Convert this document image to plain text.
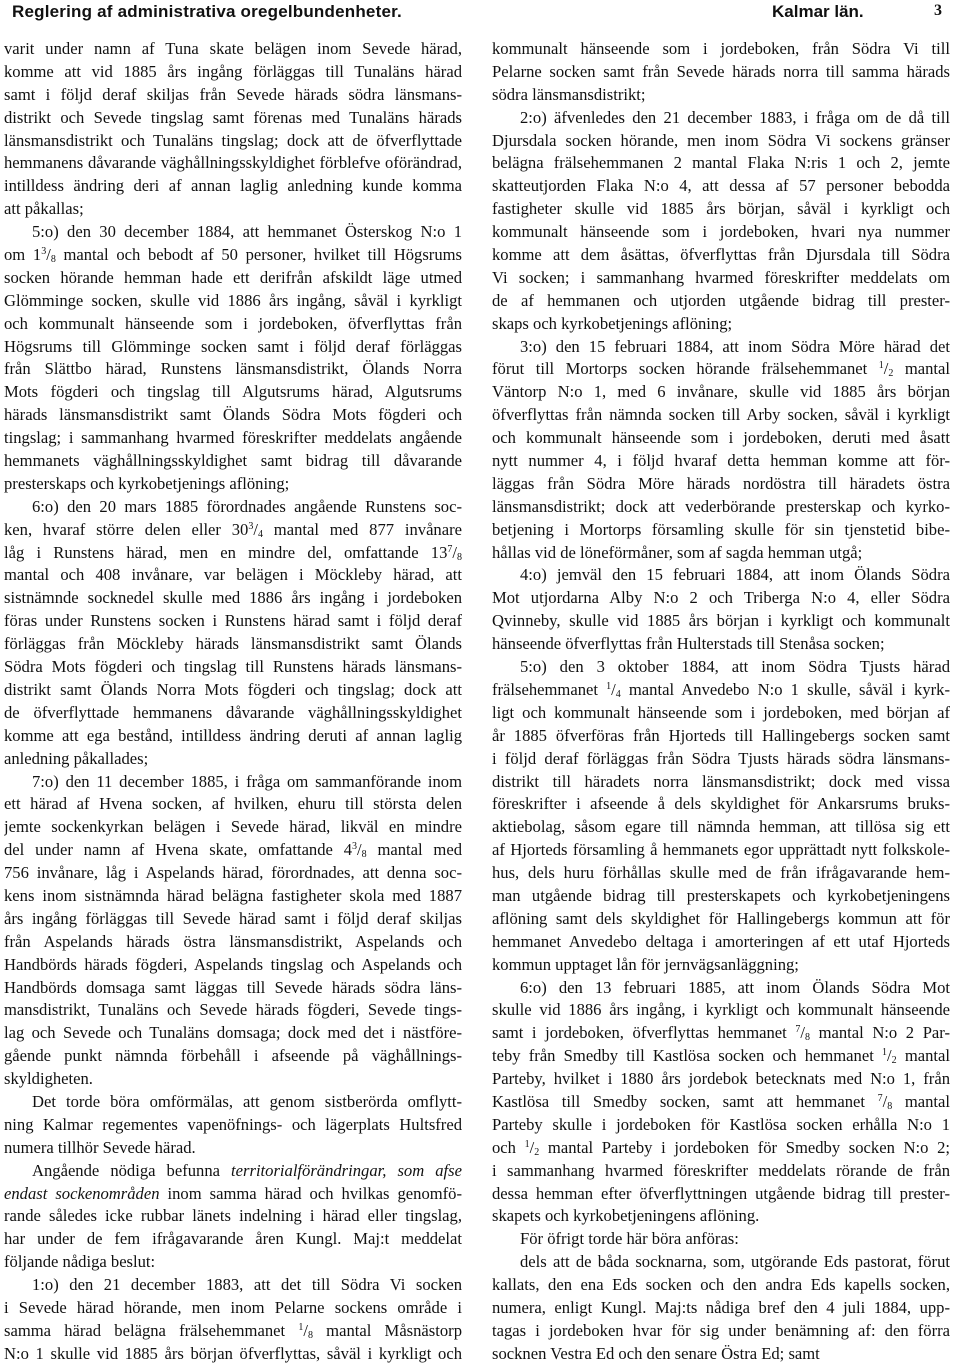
Reglering af administrativa oregelbundenheter.	Kalmar län.	3
varit under namn af Tuna skate belägen inom Sevede härad,
komme att vid 1885 års ingång förläggas till Tunaläns härad
samt i följd deraf skiljas från Sevede härads södra länsmans-
distrikt och Sevede tingslag samt förenas med Tunaläns härads
länsmansdistrikt och Tunaläns tingslag; dock att de öfverflyttade
hemmanens dåvarande väghållningsskyldighet förblefve oförändrad,
intilldess ändring deri af annan laglig anledning kunde komma
att påkallas;
5:o) den 30 december 1884, att hemmanet Österskog N:o 1
om $1^3/_8$ mantal och bebodt af 50 personer, hvilket till Högsrums
socken hörande hemman hade ett derifrån afskildt läge utmed
Glömminge socken, skulle vid 1886 års ingång, såväl i kyrkligt
och kommunalt hänseende som i jordeboken, öfverflyttas från
Högsrums till Glömminge socken samt i följd deraf förläggas
från Slättbo härad, Runstens länsmansdistrikt, Ölands Norra
Mots fögderi och tingslag till Algutsrums härad, Algutsrums
härads länsmansdistrikt samt Ölands Södra Mots fögderi och
tingslag; i sammanhang hvarmed föreskrifter meddelats angående
hemmanets väghållningsskyldighet samt bidrag till dåvarande
presterskaps och kyrkobetjenings aflöning;
6:o) den 20 mars 1885 förordnades angående Runstens soc-
ken, hvaraf större delen eller $30^3/_4$ mantal med 877 invånare
låg i Runstens härad, men en mindre del, omfattande $13^7/_8$
mantal och 408 invånare, var belägen i Möckleby härad, att
sistnämnde socknedel skulle med 1886 års ingång i jordeboken
föras under Runstens socken i Runstens härad samt i följd deraf
förläggas från Möckleby härads länsmansdistrikt samt Ölands
Södra Mots fögderi och tingslag till Runstens härads länsmans-
distrikt samt Ölands Norra Mots fögderi och tingslag; dock att
de öfverflyttade hemmanens dåvarande väghållningsskyldighet
komme att ega bestånd, intilldess ändring deruti af annan laglig
anledning påkallades;
7:o) den 11 december 1885, i fråga om sammanförande inom
ett härad af Hvena socken, af hvilken, ehuru till största delen
jemte sockenkyrkan belägen i Sevede härad, likväl en mindre
del under namn af Hvena skate, omfattande $4^3/_8$ mantal med
756 invånare, låg i Aspelands härad, förordnades, att denna soc-
kens inom sistnämnda härad belägna fastigheter skola med 1887
års ingång förläggas till Sevede härad samt i följd deraf skiljas
från Aspelands härads östra länsmansdistrikt, Aspelands och
Handbörds härads fögderi, Aspelands tingslag och Aspelands och
Handbörds domsaga samt läggas till Sevede härads södra läns-
mansdistrikt, Tunaläns och Sevede härads fögderi, Sevede tings-
lag och Sevede och Tunaläns domsaga; dock med det i nästföre-
gående punkt nämnda förbehåll i afseende på väghållnings-
skyldigheten.
Det torde böra omförmälas, att genom sistberörda omflytt-
ning Kalmar regementes vapenöfnings- och lägerplats Hultsfred
numera tillhör Sevede härad.
Angående nödiga befunna territorialförändringar, som afse
endast sockenområden inom samma härad och hvilkas genomfö-
rande således icke rubbar länets indelning i härad eller tingslag,
har under de fem ifrågavarande åren Kungl. Maj:t meddelat
följande nådiga beslut:
1:o) den 21 december 1883, att det till Södra Vi socken
i Sevede härad hörande, men inom Pelarne sockens område i
samma härad belägna frälsehemmanet $^1/_8$ mantal Måsnästorp
N:o 1 skulle vid 1885 års början öfverflyttas, såväl i kyrkligt och
kommunalt hänseende som i jordeboken, från Södra Vi till
Pelarne socken samt från Sevede härads norra till samma härads
södra länsmansdistrikt;
2:o) äfvenledes den 21 december 1883, i fråga om de då till
Djursdala socken hörande, men inom Södra Vi sockens gränser
belägna frälsehemmanen 2 mantal Flaka N:ris 1 och 2, jemte
skatteutjorden Flaka N:o 4, att dessa af 57 personer bebodda
fastigheter skulle vid 1885 års början, såväl i kyrkligt och
kommunalt hänseende som i jordeboken, hvari nya nummer
komme att dem åsättas, öfverflyttas från Djursdala till Södra
Vi socken; i sammanhang hvarmed föreskrifter meddelats om
de af hemmanen och utjorden utgående bidrag till prester-
skaps och kyrkobetjenings aflöning;
3:o) den 15 februari 1884, att inom Södra Möre härad det
förut till Mortorps socken hörande frälsehemmanet $^1/_2$ mantal
Väntorp N:o 1, med 6 invånare, skulle vid 1885 års början
öfverflyttas från nämnda socken till Arby socken, såväl i kyrkligt
och kommunalt hänseende som i jordeboken, deruti med åsatt
nytt nummer 4, i följd hvaraf detta hemman komme att för-
läggas från Södra Möre härads nordöstra till häradets östra
länsmansdistrikt; dock att vederbörande presterskap och kyrko-
betjening i Mortorps församling skulle för sin tjenstetid bibe-
hållas vid de löneförmåner, som af sagda hemman utgå;
4:o) jemväl den 15 februari 1884, att inom Ölands Södra
Mot utjordarna Alby N:o 2 och Triberga N:o 4, eller Södra
Qvinneby, skulle vid 1885 års början i kyrkligt och kommunalt
hänseende öfverflyttas från Hulterstads till Stenåsa socken;
5:o) den 3 oktober 1884, att inom Södra Tjusts härad
frälsehemmanet $^1/_4$ mantal Anvedebo N:o 1 skulle, såväl i kyrk-
ligt och kommunalt hänseende som i jordeboken, med början af
år 1885 öfverföras från Hjorteds till Hallingebergs socken samt
i följd deraf förläggas från Södra Tjusts härads södra länsmans-
distrikt till häradets norra länsmansdistrikt; dock med vissa
föreskrifter i afseende å dels skyldighet för Ankarsrums bruks-
aktiebolag, såsom egare till nämnda hemman, att tillösa sig ett
af Hjorteds församling å hemmanets egor upprättadt nytt folkskole-
hus, dels huru förhållas skulle med de från ifrågavarande hem-
man utgående bidrag till presterskapets och kyrkobetjeningens
aflöning samt dels skyldighet för Hallingebergs kommun att för
hemmanet Anvedebo deltaga i amorteringen af ett utaf Hjorteds
kommun upptaget lån för jernvägsanläggning;
6:o) den 13 februari 1885, att inom Ölands Södra Mot
skulle vid 1886 års ingång, i kyrkligt och kommunalt hänseende
samt i jordeboken, öfverflyttas hemmanet $^7/_8$ mantal N:o 2 Par-
teby från Smedby till Kastlösa socken och hemmanet $^1/_2$ mantal
Parteby, hvilket i 1880 års jordebok betecknats med N:o 1, från
Kastlösa till Smedby socken, samt att hemmanet $^7/_8$ mantal
Parteby skulle i jordeboken för Kastlösa socken erhålla N:o 1
och $^1/_2$ mantal Parteby i jordeboken för Smedby socken N:o 2;
i sammanhang hvarmed föreskrifter meddelats rörande de från
dessa hemman efter öfverflyttningen utgående bidrag till prester-
skapets och kyrkobetjeningens aflöning.
För öfrigt torde här böra anföras:
dels att de båda socknarna, som, utgörande Eds pastorat, förut
kallats, den ena Eds socken och den andra Eds kapells socken,
numera, enligt Kungl. Maj:ts nådiga bref den 4 juli 1884, upp-
tagas i jordeboken hvar för sig under benämning af: den förra
socknen Vestra Ed och den senare Östra Ed; samt
